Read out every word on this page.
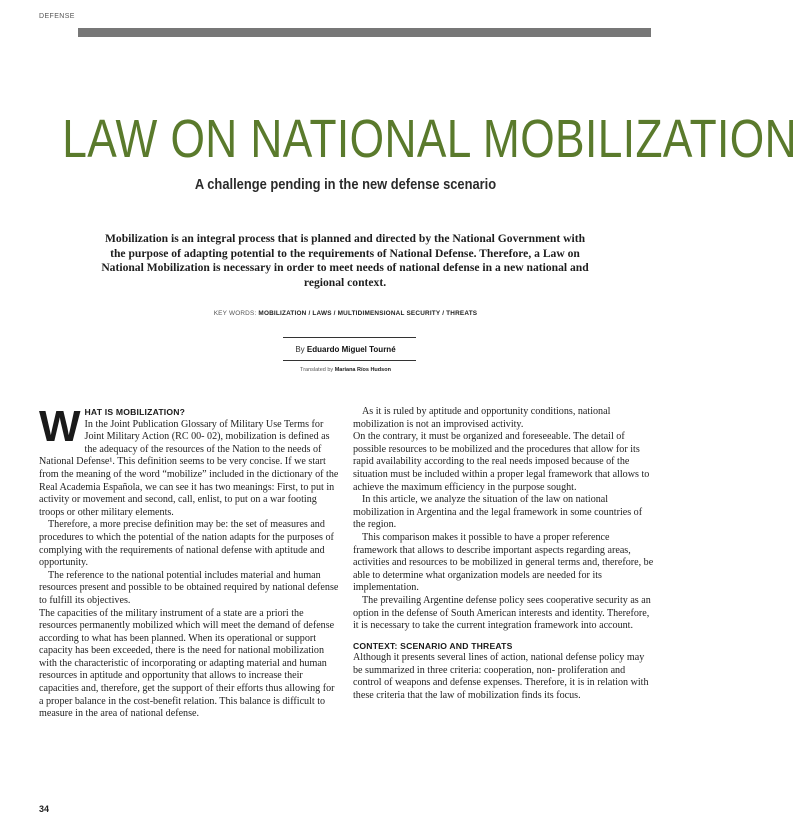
DEFENSE
LAW ON NATIONAL MOBILIZATION
A challenge pending in the new defense scenario

Mobilization is an integral process that is planned and directed by the National Government with the purpose of adapting potential to the requirements of National Defense. Therefore, a Law on National Mobilization is necessary in order to meet needs of national defense in a new national and regional context.

KEY WORDS: MOBILIZATION / LAWS / MULTIDIMENSIONAL SECURITY / THREATS
By Eduardo Miguel Tourné
Translated by Mariana Ríos Hudson
W HAT IS MOBILIZATION?

In the Joint Publication Glossary of Military Use Terms for Joint Military Action (RC 00- 02), mobilization is defined as the adequacy of the resources of the Nation to the needs of National Defense¹. This definition seems to be very concise. If we start from the meaning of the word “mobilize” included in the dictionary of the Real Academia Española, we can see it has two meanings: First, to put in activity or movement and second, call, enlist, to put on a war footing troops or other military elements.

Therefore, a more precise definition may be: the set of measures and procedures to which the potential of the nation adapts for the purposes of complying with the requirements of national defense with aptitude and opportunity.

The reference to the national potential includes material and human resources present and possible to be obtained required by national defense to fulfill its objectives.

The capacities of the military instrument of a state are a priori the resources permanently mobilized which will meet the demand of defense according to what has been planned. When its operational or support capacity has been exceeded, there is the need for national mobilization with the characteristic of incorporating or adapting material and human resources in aptitude and opportunity that allows to increase their capacities and, therefore, get the support of their efforts thus allowing for a proper balance in the cost-benefit relation. This balance is difficult to measure in the area of national defense.

As it is ruled by aptitude and opportunity conditions, national mobilization is not an improvised activity.

On the contrary, it must be organized and foreseeable. The detail of possible resources to be mobilized and the procedures that allow for its rapid availability according to the real needs imposed because of the situation must be included within a proper legal framework that allows to achieve the maximum efficiency in the purpose sought.

In this article, we analyze the situation of the law on national mobilization in Argentina and the legal framework in some countries of the region.

This comparison makes it possible to have a proper reference framework that allows to describe important aspects regarding areas, activities and resources to be mobilized in general terms and, therefore, be able to determine what organization models are needed for its implementation.

The prevailing Argentine defense policy sees cooperative security as an option in the defense of South American interests and identity. Therefore, it is necessary to take the current integration framework into account.

CONTEXT: SCENARIO AND THREATS

Although it presents several lines of action, national defense policy may be summarized in three criteria: cooperation, non- proliferation and control of weapons and defense expenses. Therefore, it is in relation with these criteria that the law of mobilization finds its focus.

34
